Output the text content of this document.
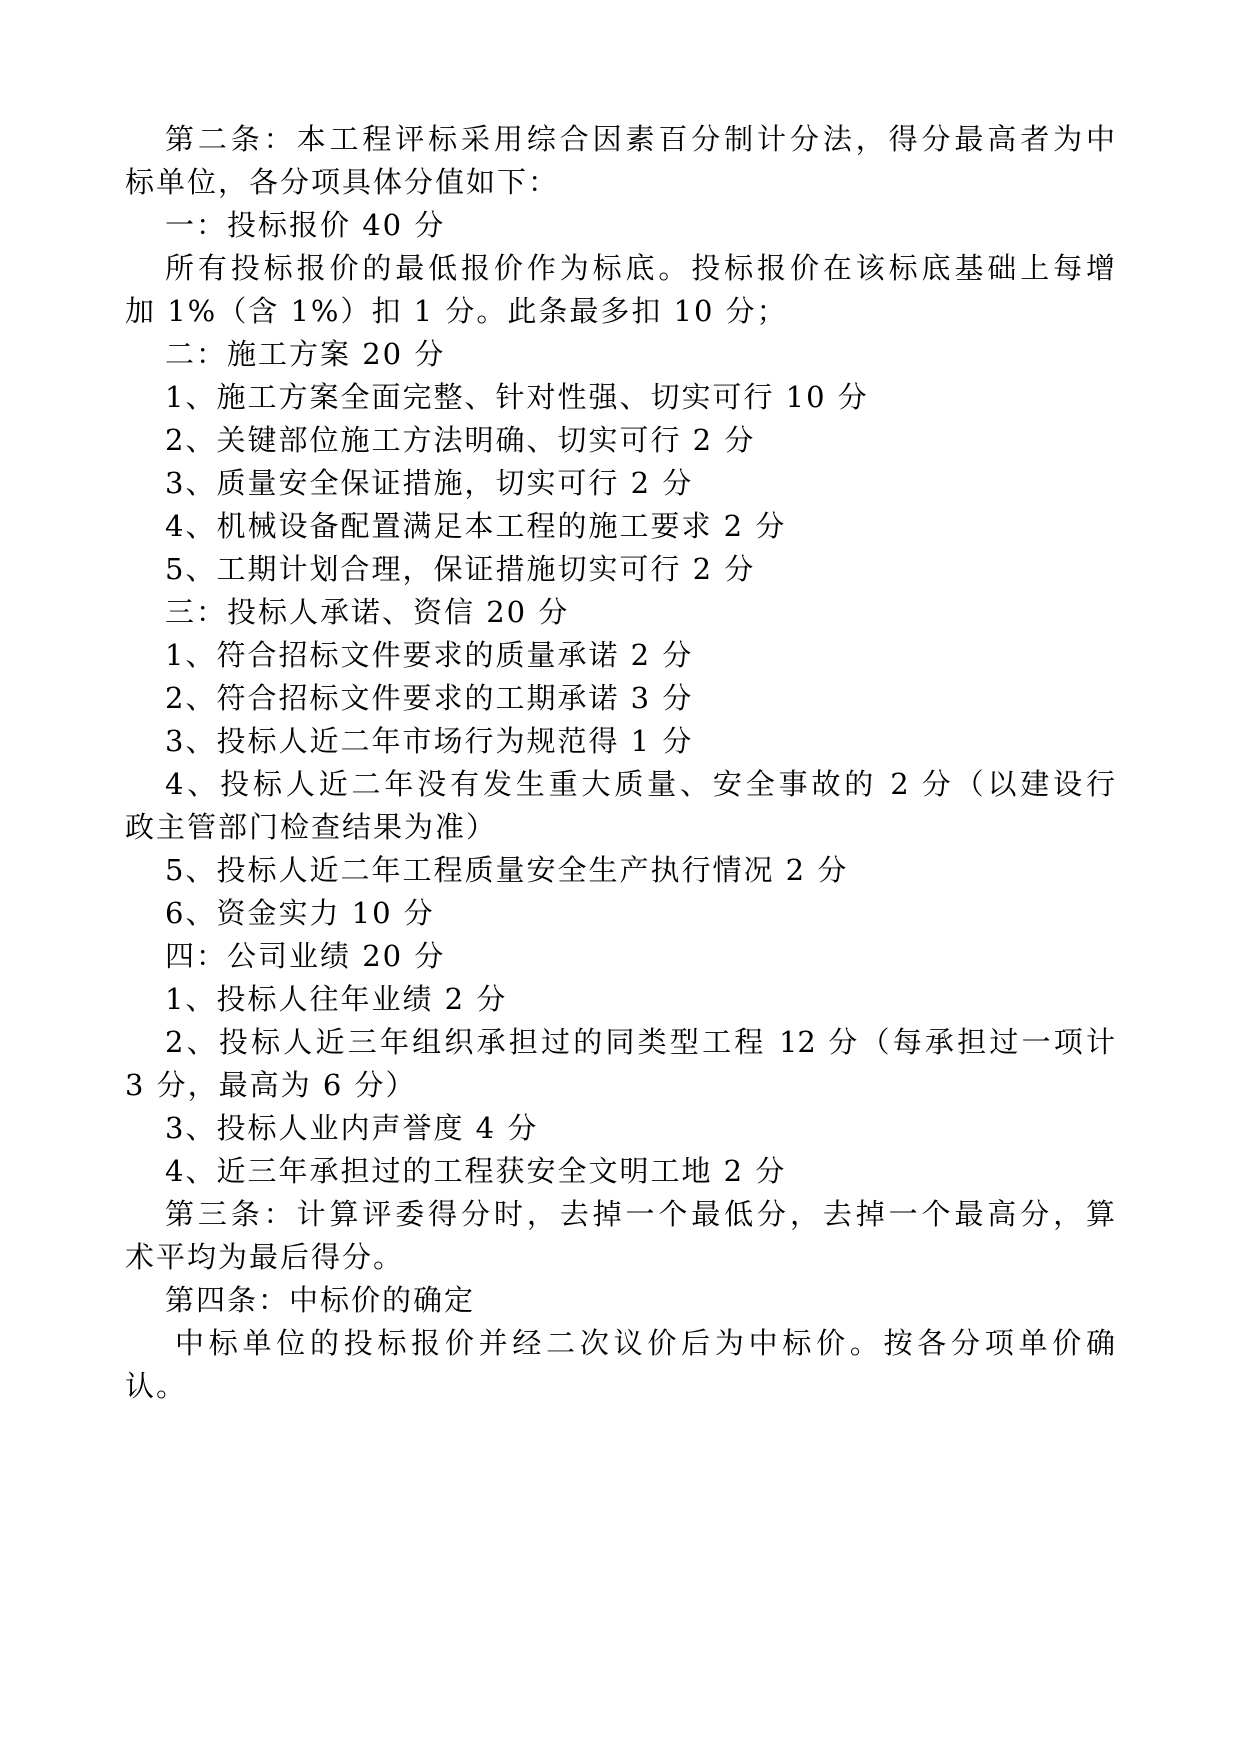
第二条：本工程评标采用综合因素百分制计分法，得分最高者为中
标单位，各分项具体分值如下：
一：投标报价 40 分
所有投标报价的最低报价作为标底。投标报价在该标底基础上每增
加 1%（含 1%）扣 1 分。此条最多扣 10 分；
二：施工方案 20 分
1、施工方案全面完整、针对性强、切实可行 10 分
2、关键部位施工方法明确、切实可行 2 分
3、质量安全保证措施，切实可行 2 分
4、机械设备配置满足本工程的施工要求 2 分
5、工期计划合理，保证措施切实可行 2 分
三：投标人承诺、资信 20 分
1、符合招标文件要求的质量承诺 2 分
2、符合招标文件要求的工期承诺 3 分
3、投标人近二年市场行为规范得 1 分
4、投标人近二年没有发生重大质量、安全事故的 2 分（以建设行
政主管部门检查结果为准）
5、投标人近二年工程质量安全生产执行情况 2 分
6、资金实力 10 分
四：公司业绩 20 分
1、投标人往年业绩 2 分
2、投标人近三年组织承担过的同类型工程 12 分（每承担过一项计
3 分，最高为 6 分）
3、投标人业内声誉度 4 分
4、近三年承担过的工程获安全文明工地 2 分
第三条：计算评委得分时，去掉一个最低分，去掉一个最高分，算
术平均为最后得分。
第四条：中标价的确定
中标单位的投标报价并经二次议价后为中标价。按各分项单价确
认。
